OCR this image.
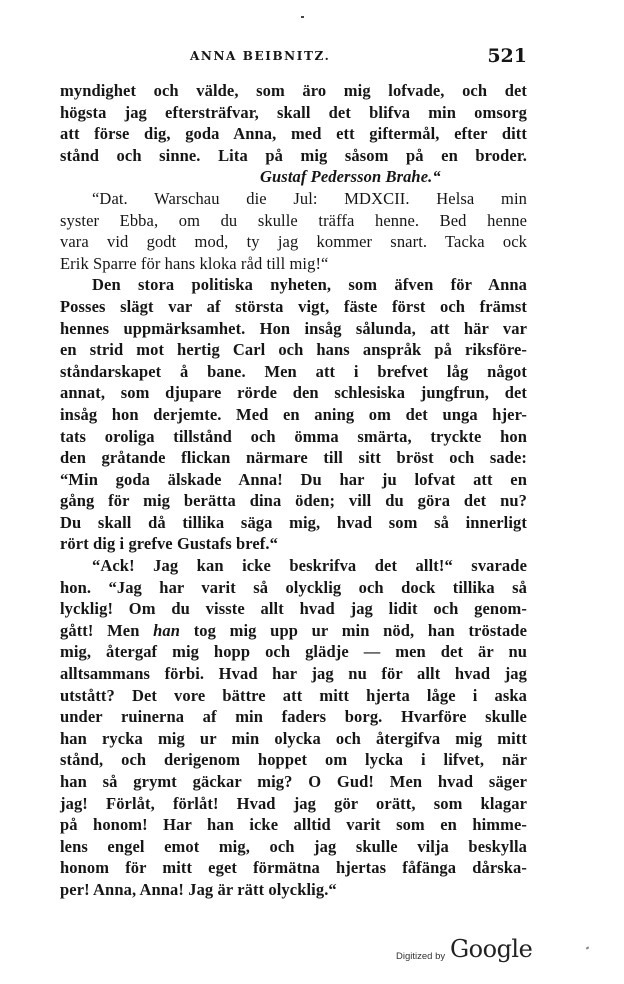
ANNA BEIBNITZ.	521
myndighet och välde, som äro mig lofvade, och det
högsta jag eftersträfvar, skall det blifva min omsorg
att förse dig, goda Anna, med ett giftermål, efter ditt
stånd och sinne. Lita på mig såsom på en broder.
Gustaf Pedersson Brahe.“
“Dat. Warschau die Jul: MDXCII. Helsa min
syster Ebba, om du skulle träffa henne. Bed henne
vara vid godt mod, ty jag kommer snart. Tacka ock
Erik Sparre för hans kloka råd till mig!“
Den stora politiska nyheten, som äfven för Anna
Posses slägt var af största vigt, fäste först och främst
hennes uppmärksamhet. Hon insåg sålunda, att här var
en strid mot hertig Carl och hans anspråk på riksföre-
ståndarskapet å bane. Men att i brefvet låg något
annat, som djupare rörde den schlesiska jungfrun, det
insåg hon derjemte. Med en aning om det unga hjer-
tats oroliga tillstånd och ömma smärta, tryckte hon
den gråtande flickan närmare till sitt bröst och sade:
“Min goda älskade Anna! Du har ju lofvat att en
gång för mig berätta dina öden; vill du göra det nu?
Du skall då tillika säga mig, hvad som så innerligt
rört dig i grefve Gustafs bref.“
“Ack! Jag kan icke beskrifva det allt!“ svarade
hon. “Jag har varit så olycklig och dock tillika så
lycklig! Om du visste allt hvad jag lidit och genom-
gått! Men han tog mig upp ur min nöd, han tröstade
mig, återgaf mig hopp och glädje — men det är nu
alltsammans förbi. Hvad har jag nu för allt hvad jag
utstått? Det vore bättre att mitt hjerta låge i aska
under ruinerna af min faders borg. Hvarföre skulle
han rycka mig ur min olycka och återgifva mig mitt
stånd, och derigenom hoppet om lycka i lifvet, när
han så grymt gäckar mig? O Gud! Men hvad säger
jag! Förlåt, förlåt! Hvad jag gör orätt, som klagar
på honom! Har han icke alltid varit som en himme-
lens engel emot mig, och jag skulle vilja beskylla
honom för mitt eget förmätna hjertas fåfänga dårska-
per! Anna, Anna! Jag är rätt olycklig.“
Digitized by Google
